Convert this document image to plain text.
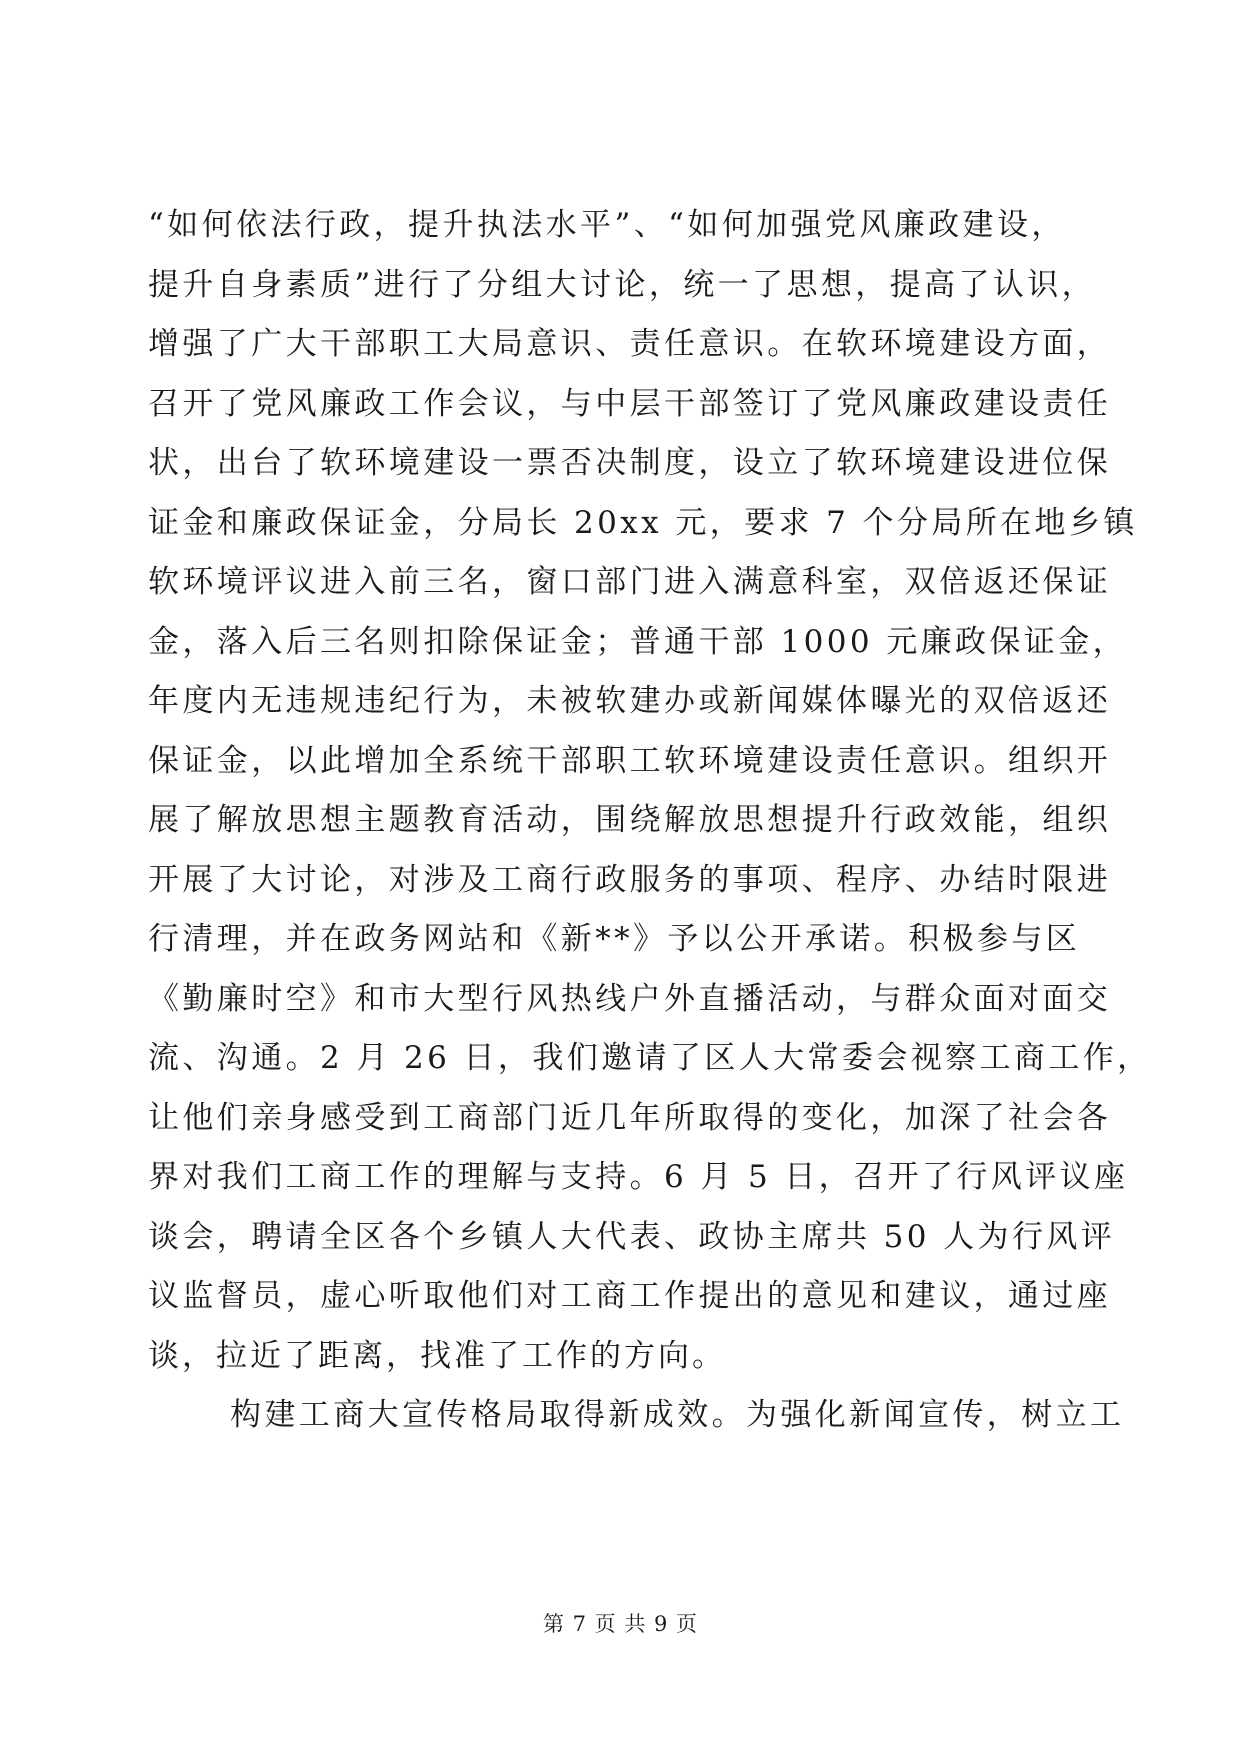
“如何依法行政，提升执法水平”、“如何加强党风廉政建设，
提升自身素质”进行了分组大讨论，统一了思想，提高了认识，
增强了广大干部职工大局意识、责任意识。在软环境建设方面，
召开了党风廉政工作会议，与中层干部签订了党风廉政建设责任
状，出台了软环境建设一票否决制度，设立了软环境建设进位保
证金和廉政保证金，分局长 20xx 元，要求 7 个分局所在地乡镇
软环境评议进入前三名，窗口部门进入满意科室，双倍返还保证
金，落入后三名则扣除保证金；普通干部 1000 元廉政保证金，
年度内无违规违纪行为，未被软建办或新闻媒体曝光的双倍返还
保证金，以此增加全系统干部职工软环境建设责任意识。组织开
展了解放思想主题教育活动，围绕解放思想提升行政效能，组织
开展了大讨论，对涉及工商行政服务的事项、程序、办结时限进
行清理，并在政务网站和《新**》予以公开承诺。积极参与区
《勤廉时空》和市大型行风热线户外直播活动，与群众面对面交
流、沟通。2 月 26 日，我们邀请了区人大常委会视察工商工作，
让他们亲身感受到工商部门近几年所取得的变化，加深了社会各
界对我们工商工作的理解与支持。6 月 5 日，召开了行风评议座
谈会，聘请全区各个乡镇人大代表、政协主席共 50 人为行风评
议监督员，虚心听取他们对工商工作提出的意见和建议，通过座
谈，拉近了距离，找准了工作的方向。
构建工商大宣传格局取得新成效。为强化新闻宣传，树立工
第 7 页 共 9 页
